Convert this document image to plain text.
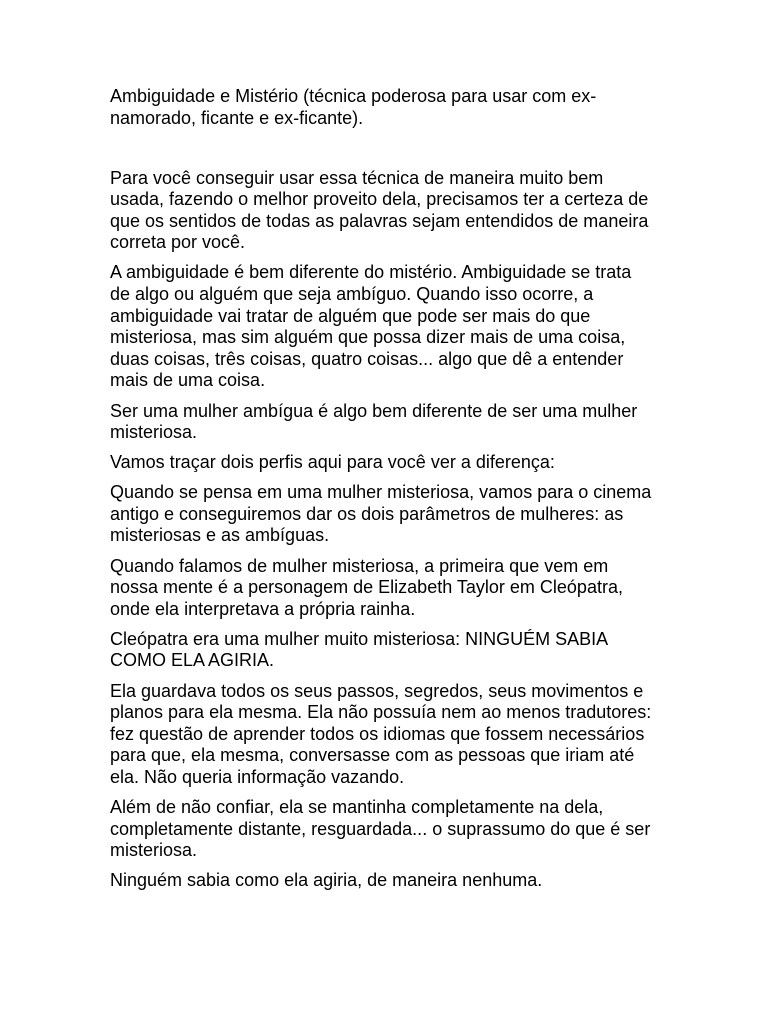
Ambiguidade e Mistério (técnica poderosa para usar com ex-
namorado, ficante e ex-ficante).
Para você conseguir usar essa técnica de maneira muito bem
usada, fazendo o melhor proveito dela, precisamos ter a certeza de
que os sentidos de todas as palavras sejam entendidos de maneira
correta por você.
A ambiguidade é bem diferente do mistério. Ambiguidade se trata
de algo ou alguém que seja ambíguo. Quando isso ocorre, a
ambiguidade vai tratar de alguém que pode ser mais do que
misteriosa, mas sim alguém que possa dizer mais de uma coisa,
duas coisas, três coisas, quatro coisas... algo que dê a entender
mais de uma coisa.
Ser uma mulher ambígua é algo bem diferente de ser uma mulher
misteriosa.
Vamos traçar dois perfis aqui para você ver a diferença:
Quando se pensa em uma mulher misteriosa, vamos para o cinema
antigo e conseguiremos dar os dois parâmetros de mulheres: as
misteriosas e as ambíguas.
Quando falamos de mulher misteriosa, a primeira que vem em
nossa mente é a personagem de Elizabeth Taylor em Cleópatra,
onde ela interpretava a própria rainha.
Cleópatra era uma mulher muito misteriosa: NINGUÉM SABIA
COMO ELA AGIRIA.
Ela guardava todos os seus passos, segredos, seus movimentos e
planos para ela mesma. Ela não possuía nem ao menos tradutores:
fez questão de aprender todos os idiomas que fossem necessários
para que, ela mesma, conversasse com as pessoas que iriam até
ela. Não queria informação vazando.
Além de não confiar, ela se mantinha completamente na dela,
completamente distante, resguardada... o suprassumo do que é ser
misteriosa.
Ninguém sabia como ela agiria, de maneira nenhuma.
